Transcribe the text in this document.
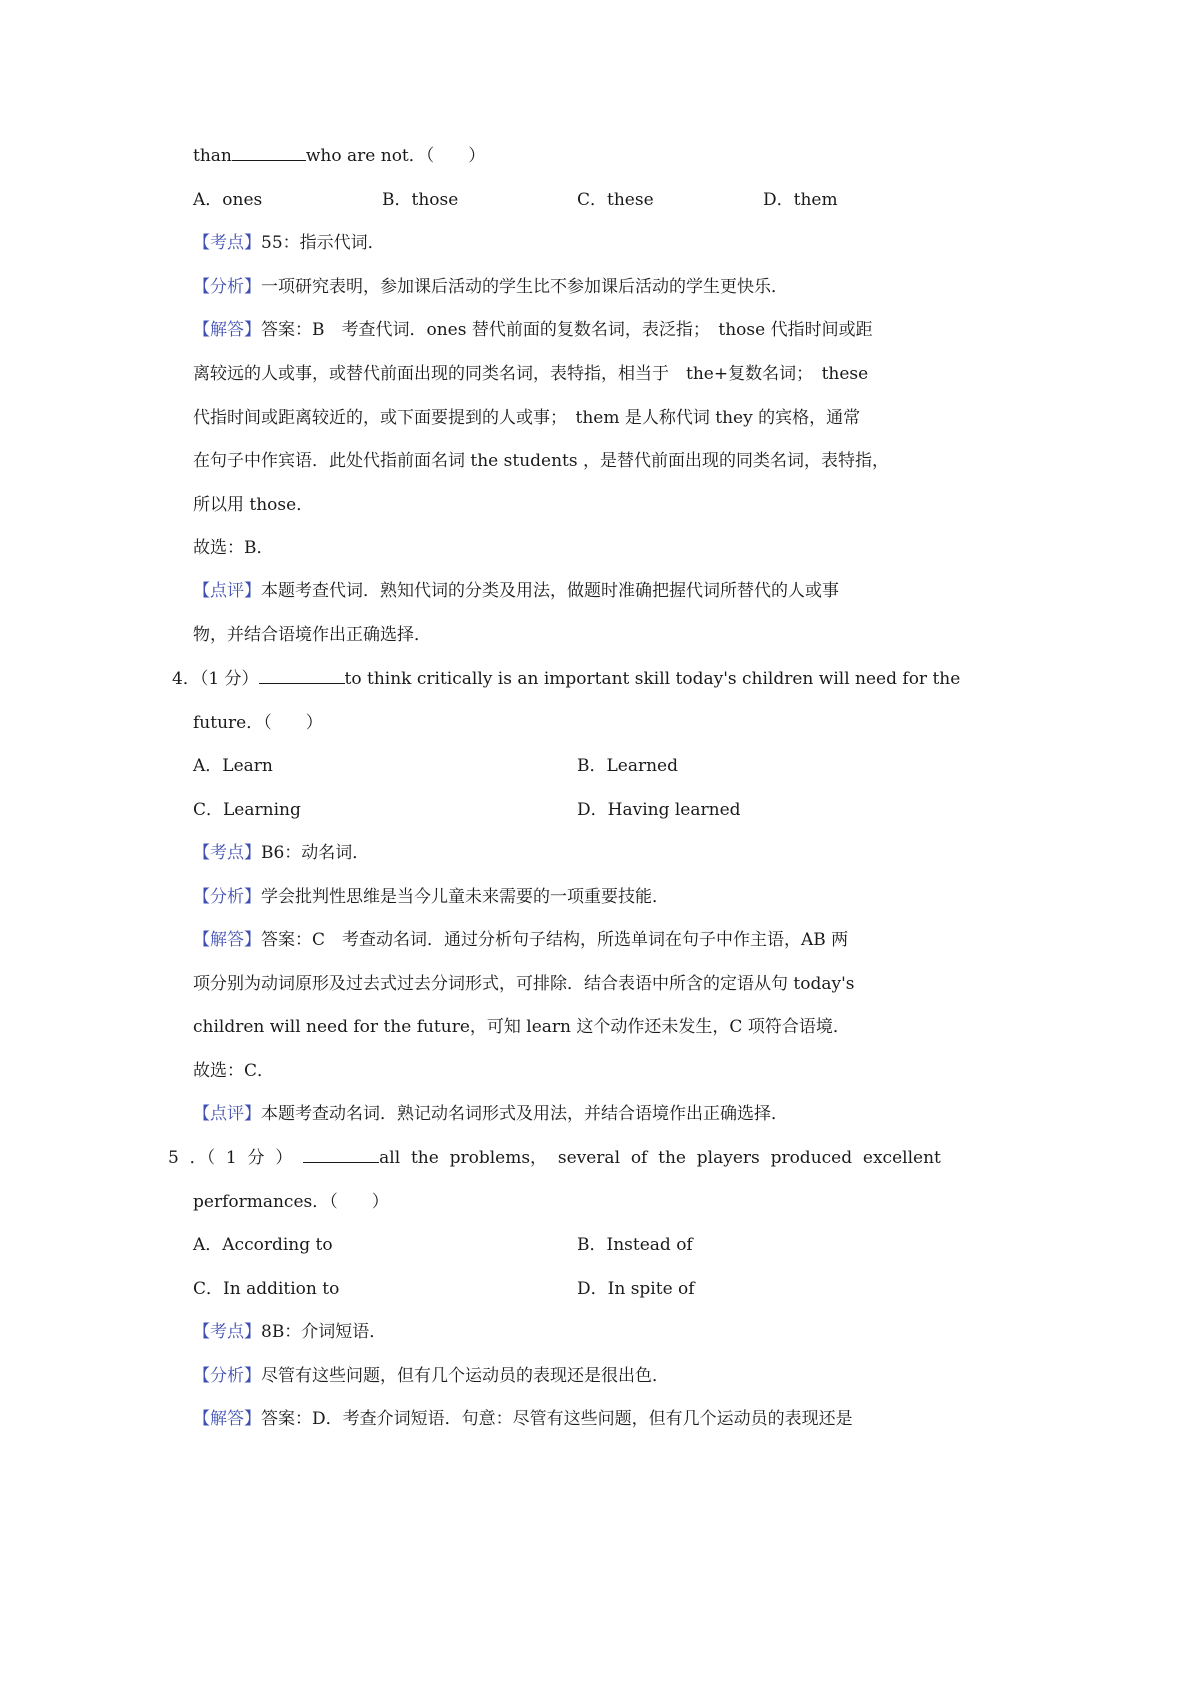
than	who are not．（　　）
A．ones	B．those	C．these	D．them
【考点】55：指示代词．
【分析】一项研究表明，参加课后活动的学生比不参加课后活动的学生更快乐．
【解答】答案：B　考查代词．ones 替代前面的复数名词，表泛指；　those 代指时间或距
离较远的人或事，或替代前面出现的同类名词，表特指，相当于　the+复数名词；　these
代指时间或距离较近的，或下面要提到的人或事；　them 是人称代词 they 的宾格，通常
在句子中作宾语．此处代指前面名词 the students ，是替代前面出现的同类名词，表特指，
所以用 those．
故选：B．
【点评】本题考查代词．熟知代词的分类及用法，做题时准确把握代词所替代的人或事
物，并结合语境作出正确选择．
4．（1 分）	to think critically is an important skill today's children will need for the
future．（　　）
A．Learn	B．Learned
C．Learning	D．Having learned
【考点】B6：动名词．
【分析】学会批判性思维是当今儿童未来需要的一项重要技能．
【解答】答案：C　考查动名词．通过分析句子结构，所选单词在句子中作主语，AB 两
项分别为动词原形及过去式过去分词形式，可排除．结合表语中所含的定语从句 today's
children will need for the future，可知 learn 这个动作还未发生，C 项符合语境．
故选：C．
【点评】本题考查动名词．熟记动名词形式及用法，并结合语境作出正确选择．
5 ．（ 1 分 ）	all the problems， several of the players produced excellent
performances．（　　）
A．According to	B．Instead of
C．In addition to	D．In spite of
【考点】8B：介词短语．
【分析】尽管有这些问题，但有几个运动员的表现还是很出色．
【解答】答案：D．考查介词短语．句意：尽管有这些问题，但有几个运动员的表现还是
